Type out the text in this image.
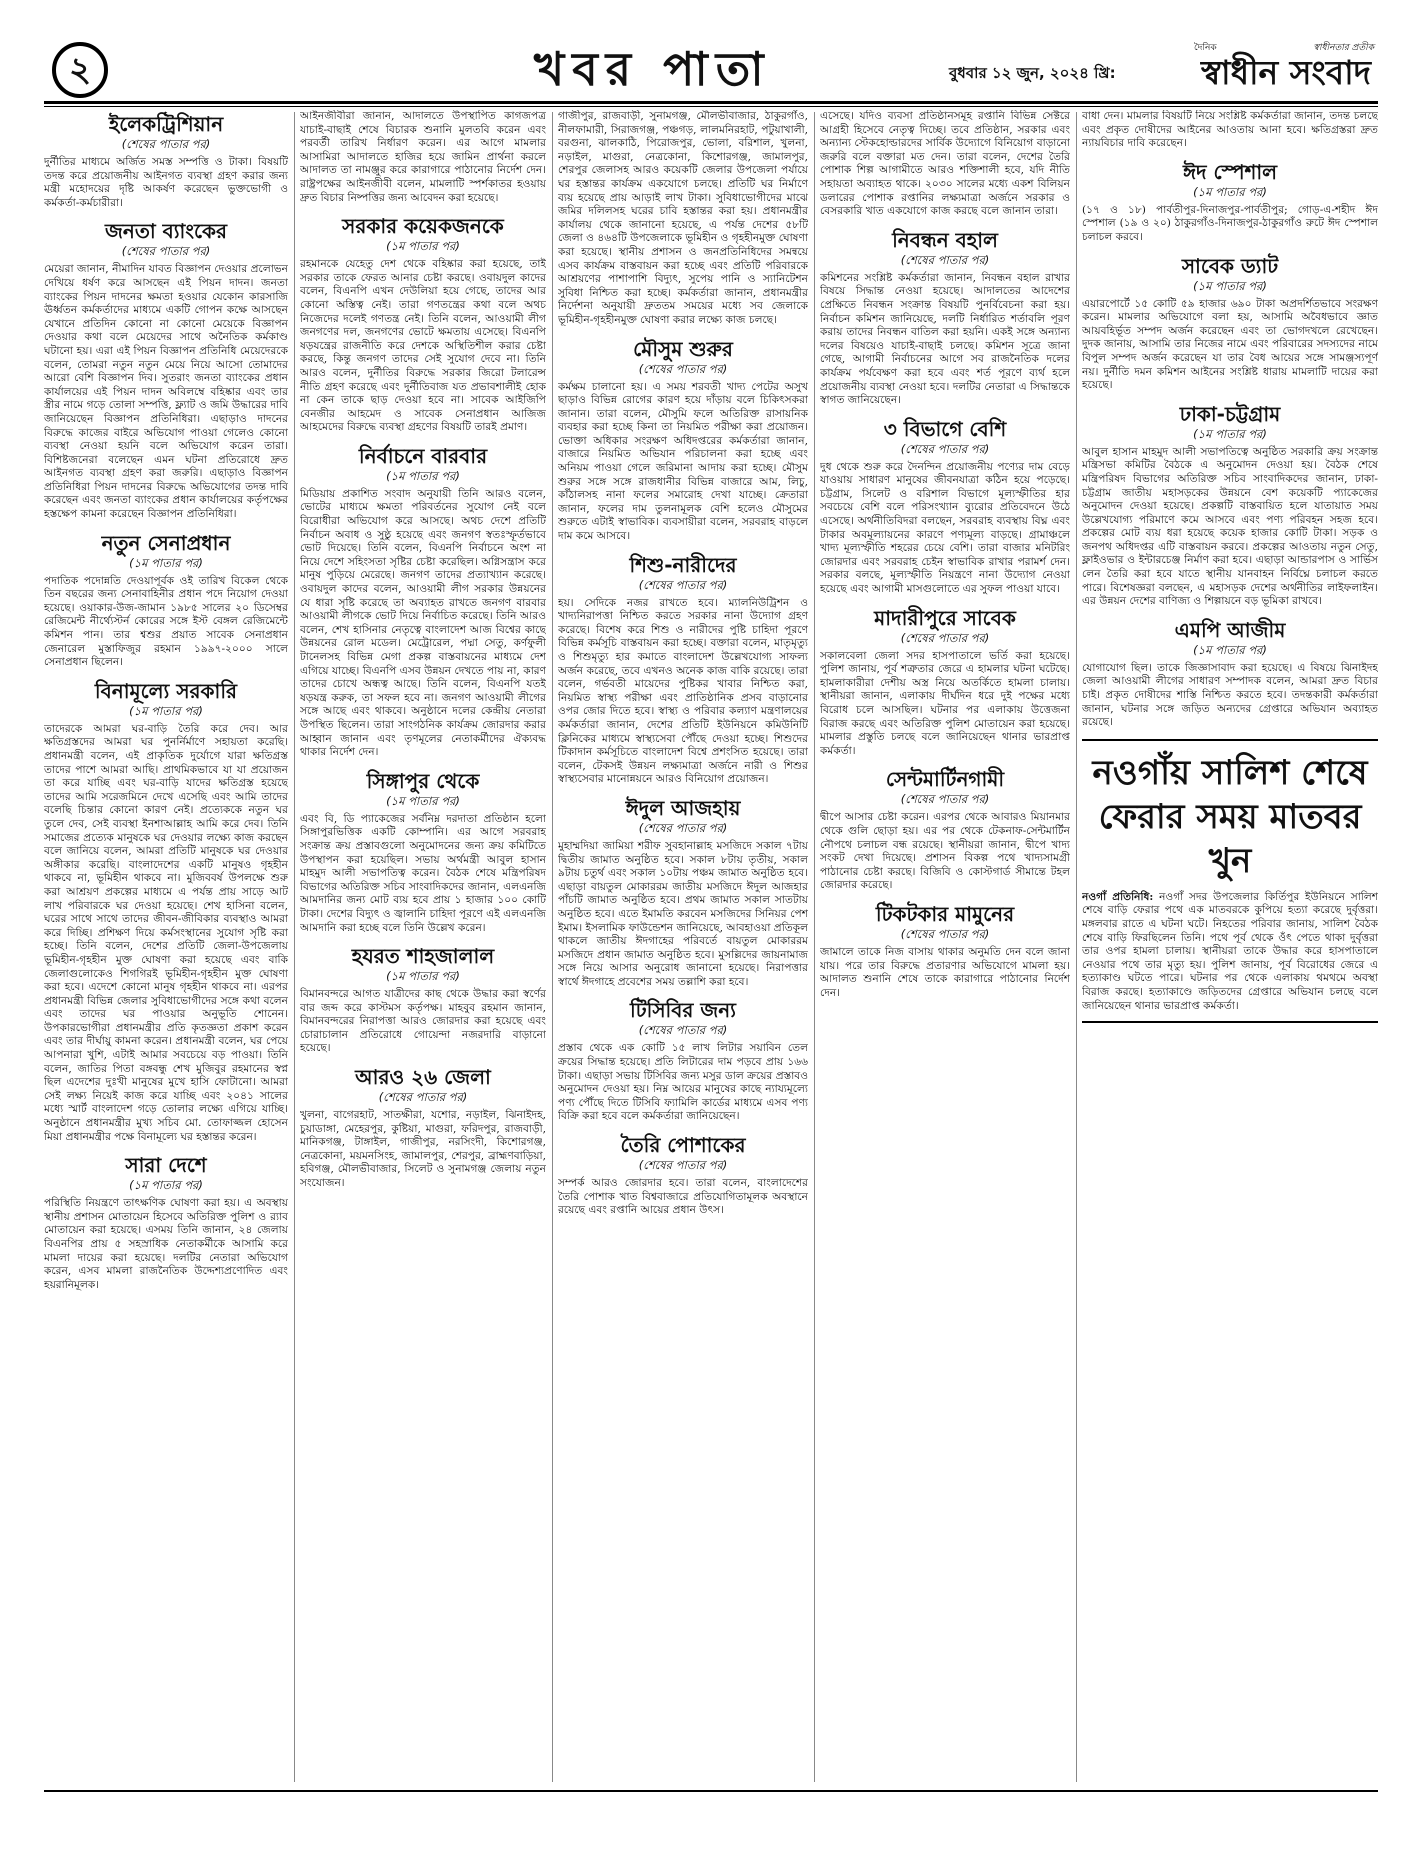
২	খবর পাতা	বুধবার ১২ জুন, ২০২৪ খ্রি:
দৈনিক	স্বাধীনতার প্রতীক
স্বাধীন সংবাদ
ইলেকট্রিশিয়ান
(শেষের পাতার পর)
দুর্নীতির মাধ্যমে অর্জিত সমস্ত সম্পত্তি ও টাকা। বিষয়টি তদন্ত করে প্রয়োজনীয় আইনগত ব্যবস্থা গ্রহণ করার জন্য মন্ত্রী মহোদয়ের দৃষ্টি আকর্ষণ করেছেন ভুক্তভোগী ও কর্মকর্তা-কর্মচারীরা।
জনতা ব্যাংকের
(শেষের পাতার পর)
মেয়েরা জানান, নীমাদিন যাবত বিজ্ঞাপন দেওয়ার প্রলোভন দেখিয়ে ধর্ষণ করে আসছেন এই পিয়ন দাদন। জনতা ব্যাংকের পিয়ন দাদনের ক্ষমতা হওয়ার যেকোন কারসাজি ঊর্ধ্বতন কর্মকর্তাদের মাধ্যমে একটি গোপন কক্ষে আসছেন যেখানে প্রতিদিন কোনো না কোনো মেয়েকে বিজ্ঞাপন দেওয়ার কথা বলে মেয়েদের সাথে অনৈতিক কর্মকাণ্ড ঘটানো হয়। এরা এই পিয়ন বিজ্ঞাপন প্রতিনিধি মেয়েদেরকে বলেন, তোমরা নতুন নতুন মেয়ে নিয়ে আসো তোমাদের আরো বেশি বিজ্ঞাপন দিব। সুতরাং জনতা ব্যাংকের প্রধান কার্যালয়ের এই পিয়ন দাদন অবিলম্বে বহিষ্কার এবং তার স্ত্রীর নামে গড়ে তোলা সম্পত্তি, ফ্ল্যাট ও জমি উদ্ধারের দাবি জানিয়েছেন বিজ্ঞাপন প্রতিনিধিরা। এছাড়াও দাদনের বিরুদ্ধে কাজের বাইরে অভিযোগ পাওয়া গেলেও কোনো ব্যবস্থা নেওয়া হয়নি বলে অভিযোগ করেন তারা। বিশিষ্টজনেরা বলেছেন এমন ঘটনা প্রতিরোধে দ্রুত আইনগত ব্যবস্থা গ্রহণ করা জরুরি। এছাড়াও বিজ্ঞাপন প্রতিনিধিরা পিয়ন দাদনের বিরুদ্ধে অভিযোগের তদন্ত দাবি করেছেন এবং জনতা ব্যাংকের প্রধান কার্যালয়ের কর্তৃপক্ষের হস্তক্ষেপ কামনা করেছেন বিজ্ঞাপন প্রতিনিধিরা।
নতুন সেনাপ্রধান
(১ম পাতার পর)
পদাতিক পদোন্নতি দেওয়াপূর্বক ওই তারিখ বিকেল থেকে তিন বছরের জন্য সেনাবাহিনীর প্রধান পদে নিয়োগ দেওয়া হয়েছে। ওয়াকার-উজ-জামান ১৯৮৫ সালের ২০ ডিসেম্বর রেজিমেন্ট নীর্থ্যেস্টর্ন কোরের সঙ্গে ইস্ট বেঙ্গল রেজিমেন্টে কমিশন পান। তার শ্বশুর প্রয়াত সাবেক সেনাপ্রধান জেনারেল মুস্তাফিজুর রহমান ১৯৯৭-২০০০ সালে সেনাপ্রধান ছিলেন।
বিনামূল্যে সরকারি
(১ম পাতার পর)
তাদেরকে আমরা ঘর-বাড়ি তৈরি করে দেব। আর ক্ষতিগ্রস্তদের আমরা ঘর পুনর্নির্মাণে সহায়তা করেছি। প্রধানমন্ত্রী বলেন, এই প্রাকৃতিক দুর্যোগে যারা ক্ষতিগ্রস্ত তাদের পাশে আমরা আছি। প্রাথমিকভাবে যা যা প্রয়োজন তা করে যাচ্ছি এবং ঘর-বাড়ি যাদের ক্ষতিগ্রস্ত হয়েছে তাদের আমি সরেজমিনে দেখে এসেছি এবং আমি তাদের বলেছি চিন্তার কোনো কারণ নেই। প্রত্যেককে নতুন ঘর তুলে দেব, সেই ব্যবস্থা ইনশাআল্লাহ আমি করে দেব। তিনি সমাজের প্রত্যেক মানুষকে ঘর দেওয়ার লক্ষ্যে কাজ করছেন বলে জানিয়ে বলেন, আমরা প্রতিটি মানুষকে ঘর দেওয়ার অঙ্গীকার করেছি। বাংলাদেশের একটি মানুষও গৃহহীন থাকবে না, ভূমিহীন থাকবে না। মুজিববর্ষ উপলক্ষে শুরু করা আশ্রয়ণ প্রকল্পের মাধ্যমে এ পর্যন্ত প্রায় সাড়ে আট লাখ পরিবারকে ঘর দেওয়া হয়েছে। শেখ হাসিনা বলেন, ঘরের সাথে সাথে তাদের জীবন-জীবিকার ব্যবস্থাও আমরা করে দিচ্ছি। প্রশিক্ষণ দিয়ে কর্মসংস্থানের সুযোগ সৃষ্টি করা হচ্ছে। তিনি বলেন, দেশের প্রতিটি জেলা-উপজেলায় ভূমিহীন-গৃহহীন মুক্ত ঘোষণা করা হয়েছে এবং বাকি জেলাগুলোকেও শিগগিরই ভূমিহীন-গৃহহীন মুক্ত ঘোষণা করা হবে। এদেশে কোনো মানুষ গৃহহীন থাকবে না। এরপর প্রধানমন্ত্রী বিভিন্ন জেলার সুবিধাভোগীদের সঙ্গে কথা বলেন এবং তাদের ঘর পাওয়ার অনুভূতি শোনেন। উপকারভোগীরা প্রধানমন্ত্রীর প্রতি কৃতজ্ঞতা প্রকাশ করেন এবং তার দীর্ঘায়ু কামনা করেন। প্রধানমন্ত্রী বলেন, ঘর পেয়ে আপনারা খুশি, এটাই আমার সবচেয়ে বড় পাওয়া। তিনি বলেন, জাতির পিতা বঙ্গবন্ধু শেখ মুজিবুর রহমানের স্বপ্ন ছিল এদেশের দুঃখী মানুষের মুখে হাসি ফোটানো। আমরা সেই লক্ষ্য নিয়েই কাজ করে যাচ্ছি এবং ২০৪১ সালের মধ্যে স্মার্ট বাংলাদেশ গড়ে তোলার লক্ষ্যে এগিয়ে যাচ্ছি। অনুষ্ঠানে প্রধানমন্ত্রীর মুখ্য সচিব মো. তোফাজ্জল হোসেন মিয়া প্রধানমন্ত্রীর পক্ষে বিনামূল্যে ঘর হস্তান্তর করেন।
সারা দেশে
(১ম পাতার পর)
পরিস্থিতি নিয়ন্ত্রণে তাৎক্ষণিক ঘোষণা করা হয়। এ অবস্থায় স্থানীয় প্রশাসন মোতায়েন হিসেবে অতিরিক্ত পুলিশ ও র‌্যাব মোতায়েন করা হয়েছে। এসময় তিনি জানান, ২৪ জেলায় বিএনপির প্রায় ৫ সহস্রাধিক নেতাকর্মীকে আসামি করে মামলা দায়ের করা হয়েছে। দলটির নেতারা অভিযোগ করেন, এসব মামলা রাজনৈতিক উদ্দেশ্যপ্রণোদিত এবং হয়রানিমূলক।
আইনজীবীরা জানান, আদালতে উপস্থাপিত কাগজপত্র যাচাই-বাছাই শেষে বিচারক শুনানি মুলতবি করেন এবং পরবর্তী তারিখ নির্ধারণ করেন। এর আগে মামলার আসামিরা আদালতে হাজির হয়ে জামিন প্রার্থনা করলে আদালত তা নামঞ্জুর করে কারাগারে পাঠানোর নির্দেশ দেন। রাষ্ট্রপক্ষের আইনজীবী বলেন, মামলাটি স্পর্শকাতর হওয়ায় দ্রুত বিচার নিষ্পত্তির জন্য আবেদন করা হয়েছে।
সরকার কয়েকজনকে
(১ম পাতার পর)
রহমানকে যেহেতু দেশ থেকে বহিষ্কার করা হয়েছে, তাই সরকার তাকে ফেরত আনার চেষ্টা করছে। ওবায়দুল কাদের বলেন, বিএনপি এখন দেউলিয়া হয়ে গেছে, তাদের আর কোনো অস্তিত্ব নেই। তারা গণতন্ত্রের কথা বলে অথচ নিজেদের দলেই গণতন্ত্র নেই। তিনি বলেন, আওয়ামী লীগ জনগণের দল, জনগণের ভোটে ক্ষমতায় এসেছে। বিএনপি ষড়যন্ত্রের রাজনীতি করে দেশকে অস্থিতিশীল করার চেষ্টা করছে, কিন্তু জনগণ তাদের সেই সুযোগ দেবে না। তিনি আরও বলেন, দুর্নীতির বিরুদ্ধে সরকার জিরো টলারেন্স নীতি গ্রহণ করেছে এবং দুর্নীতিবাজ যত প্রভাবশালীই হোক না কেন তাকে ছাড় দেওয়া হবে না। সাবেক আইজিপি বেনজীর আহমেদ ও সাবেক সেনাপ্রধান আজিজ আহমেদের বিরুদ্ধে ব্যবস্থা গ্রহণের বিষয়টি তারই প্রমাণ।
নির্বাচনে বারবার
(১ম পাতার পর)
মিডিয়ায় প্রকাশিত সংবাদ অনুযায়ী তিনি আরও বলেন, ভোটের মাধ্যমে ক্ষমতা পরিবর্তনের সুযোগ নেই বলে বিরোধীরা অভিযোগ করে আসছে। অথচ দেশে প্রতিটি নির্বাচন অবাধ ও সুষ্ঠু হয়েছে এবং জনগণ স্বতঃস্ফূর্তভাবে ভোট দিয়েছে। তিনি বলেন, বিএনপি নির্বাচনে অংশ না নিয়ে দেশে সহিংসতা সৃষ্টির চেষ্টা করেছিল। অগ্নিসন্ত্রাস করে মানুষ পুড়িয়ে মেরেছে। জনগণ তাদের প্রত্যাখ্যান করেছে। ওবায়দুল কাদের বলেন, আওয়ামী লীগ সরকার উন্নয়নের যে ধারা সৃষ্টি করেছে তা অব্যাহত রাখতে জনগণ বারবার আওয়ামী লীগকে ভোট দিয়ে নির্বাচিত করেছে। তিনি আরও বলেন, শেখ হাসিনার নেতৃত্বে বাংলাদেশ আজ বিশ্বের কাছে উন্নয়নের রোল মডেল। মেট্রোরেল, পদ্মা সেতু, কর্ণফুলী টানেলসহ বিভিন্ন মেগা প্রকল্প বাস্তবায়নের মাধ্যমে দেশ এগিয়ে যাচ্ছে। বিএনপি এসব উন্নয়ন দেখতে পায় না, কারণ তাদের চোখে অন্ধত্ব আছে। তিনি বলেন, বিএনপি যতই ষড়যন্ত্র করুক, তা সফল হবে না। জনগণ আওয়ামী লীগের সঙ্গে আছে এবং থাকবে। অনুষ্ঠানে দলের কেন্দ্রীয় নেতারা উপস্থিত ছিলেন। তারা সাংগঠনিক কার্যক্রম জোরদার করার আহ্বান জানান এবং তৃণমূলের নেতাকর্মীদের ঐক্যবদ্ধ থাকার নির্দেশ দেন।
সিঙ্গাপুর থেকে
(১ম পাতার পর)
এবং বি, ডি প্যাকেজের সর্বনিম্ন দরদাতা প্রতিষ্ঠান হলো সিঙ্গাপুরভিত্তিক একটি কোম্পানি। এর আগে সরবরাহ সংক্রান্ত ক্রয় প্রস্তাবগুলো অনুমোদনের জন্য ক্রয় কমিটিতে উপস্থাপন করা হয়েছিল। সভায় অর্থমন্ত্রী আবুল হাসান মাহমুদ আলী সভাপতিত্ব করেন। বৈঠক শেষে মন্ত্রিপরিষদ বিভাগের অতিরিক্ত সচিব সাংবাদিকদের জানান, এলএনজি আমদানির জন্য মোট ব্যয় হবে প্রায় ১ হাজার ১০০ কোটি টাকা। দেশের বিদ্যুৎ ও জ্বালানি চাহিদা পূরণে এই এলএনজি আমদানি করা হচ্ছে বলে তিনি উল্লেখ করেন।
হযরত শাহজালাল
(১ম পাতার পর)
বিমানবন্দরে আগত যাত্রীদের কাছ থেকে উদ্ধার করা স্বর্ণের বার জব্দ করে কাস্টমস কর্তৃপক্ষ। মাহবুব রহমান জানান, বিমানবন্দরের নিরাপত্তা আরও জোরদার করা হয়েছে এবং চোরাচালান প্রতিরোধে গোয়েন্দা নজরদারি বাড়ানো হয়েছে।
আরও ২৬ জেলা
(শেষের পাতার পর)
খুলনা, বাগেরহাট, সাতক্ষীরা, যশোর, নড়াইল, ঝিনাইদহ, চুয়াডাঙ্গা, মেহেরপুর, কুষ্টিয়া, মাগুরা, ফরিদপুর, রাজবাড়ী, মানিকগঞ্জ, টাঙ্গাইল, গাজীপুর, নরসিংদী, কিশোরগঞ্জ, নেত্রকোনা, ময়মনসিংহ, জামালপুর, শেরপুর, ব্রাহ্মণবাড়িয়া, হবিগঞ্জ, মৌলভীবাজার, সিলেট ও সুনামগঞ্জ জেলায় নতুন সংযোজন।
গাজীপুর, রাজবাড়ী, সুনামগঞ্জ, মৌলভীবাজার, ঠাকুরগাঁও, নীলফামারী, সিরাজগঞ্জ, পঞ্চগড়, লালমনিরহাট, পটুয়াখালী, বরগুনা, ঝালকাঠি, পিরোজপুর, ভোলা, বরিশাল, খুলনা, নড়াইল, মাগুরা, নেত্রকোনা, কিশোরগঞ্জ, জামালপুর, শেরপুর জেলাসহ আরও কয়েকটি জেলার উপজেলা পর্যায়ে ঘর হস্তান্তর কার্যক্রম একযোগে চলছে। প্রতিটি ঘর নির্মাণে ব্যয় হয়েছে প্রায় আড়াই লাখ টাকা। সুবিধাভোগীদের মাঝে জমির দলিলসহ ঘরের চাবি হস্তান্তর করা হয়। প্রধানমন্ত্রীর কার্যালয় থেকে জানানো হয়েছে, এ পর্যন্ত দেশের ৫৮টি জেলা ও ৪৬৪টি উপজেলাকে ভূমিহীন ও গৃহহীনমুক্ত ঘোষণা করা হয়েছে। স্থানীয় প্রশাসন ও জনপ্রতিনিধিদের সমন্বয়ে এসব কার্যক্রম বাস্তবায়ন করা হচ্ছে এবং প্রতিটি পরিবারকে আশ্রয়ণের পাশাপাশি বিদ্যুৎ, সুপেয় পানি ও স্যানিটেশন সুবিধা নিশ্চিত করা হচ্ছে। কর্মকর্তারা জানান, প্রধানমন্ত্রীর নির্দেশনা অনুযায়ী দ্রুততম সময়ের মধ্যে সব জেলাকে ভূমিহীন-গৃহহীনমুক্ত ঘোষণা করার লক্ষ্যে কাজ চলছে।
মৌসুম শুরুর
(শেষের পাতার পর)
কর্মক্ষম চালানো হয়। এ সময় শরবতী খাদ্য পেটের অসুখ ছাড়াও বিভিন্ন রোগের কারণ হয়ে দাঁড়ায় বলে চিকিৎসকরা জানান। তারা বলেন, মৌসুমি ফলে অতিরিক্ত রাসায়নিক ব্যবহার করা হচ্ছে কিনা তা নিয়মিত পরীক্ষা করা প্রয়োজন। ভোক্তা অধিকার সংরক্ষণ অধিদপ্তরের কর্মকর্তারা জানান, বাজারে নিয়মিত অভিযান পরিচালনা করা হচ্ছে এবং অনিয়ম পাওয়া গেলে জরিমানা আদায় করা হচ্ছে। মৌসুম শুরুর সঙ্গে সঙ্গে রাজধানীর বিভিন্ন বাজারে আম, লিচু, কাঁঠালসহ নানা ফলের সমারোহ দেখা যাচ্ছে। ক্রেতারা জানান, ফলের দাম তুলনামূলক বেশি হলেও মৌসুমের শুরুতে এটাই স্বাভাবিক। ব্যবসায়ীরা বলেন, সরবরাহ বাড়লে দাম কমে আসবে।
শিশু-নারীদের
(শেষের পাতার পর)
হয়। সেদিকে নজর রাখতে হবে। ম্যালনিউট্রিশন ও খাদ্যনিরাপত্তা নিশ্চিত করতে সরকার নানা উদ্যোগ গ্রহণ করেছে। বিশেষ করে শিশু ও নারীদের পুষ্টি চাহিদা পূরণে বিভিন্ন কর্মসূচি বাস্তবায়ন করা হচ্ছে। বক্তারা বলেন, মাতৃমৃত্যু ও শিশুমৃত্যু হার কমাতে বাংলাদেশ উল্লেখযোগ্য সাফল্য অর্জন করেছে, তবে এখনও অনেক কাজ বাকি রয়েছে। তারা বলেন, গর্ভবতী মায়েদের পুষ্টিকর খাবার নিশ্চিত করা, নিয়মিত স্বাস্থ্য পরীক্ষা এবং প্রাতিষ্ঠানিক প্রসব বাড়ানোর ওপর জোর দিতে হবে। স্বাস্থ্য ও পরিবার কল্যাণ মন্ত্রণালয়ের কর্মকর্তারা জানান, দেশের প্রতিটি ইউনিয়নে কমিউনিটি ক্লিনিকের মাধ্যমে স্বাস্থ্যসেবা পৌঁছে দেওয়া হচ্ছে। শিশুদের টিকাদান কর্মসূচিতে বাংলাদেশ বিশ্বে প্রশংসিত হয়েছে। তারা বলেন, টেকসই উন্নয়ন লক্ষ্যমাত্রা অর্জনে নারী ও শিশুর স্বাস্থ্যসেবার মানোন্নয়নে আরও বিনিয়োগ প্রয়োজন।
ঈদুল আজহায়
(শেষের পাতার পর)
মুহাম্মদিয়া জামিয়া শরীফ সুবহানাল্লাহ মসজিদে সকাল ৭টায় দ্বিতীয় জামাত অনুষ্ঠিত হবে। সকাল ৮টায় তৃতীয়, সকাল ৯টায় চতুর্থ এবং সকাল ১০টায় পঞ্চম জামাত অনুষ্ঠিত হবে। এছাড়া বায়তুল মোকাররম জাতীয় মসজিদে ঈদুল আজহার পাঁচটি জামাত অনুষ্ঠিত হবে। প্রথম জামাত সকাল সাতটায় অনুষ্ঠিত হবে। এতে ইমামতি করবেন মসজিদের সিনিয়র পেশ ইমাম। ইসলামিক ফাউন্ডেশন জানিয়েছে, আবহাওয়া প্রতিকূল থাকলে জাতীয় ঈদগাহের পরিবর্তে বায়তুল মোকাররম মসজিদে প্রধান জামাত অনুষ্ঠিত হবে। মুসল্লিদের জায়নামাজ সঙ্গে নিয়ে আসার অনুরোধ জানানো হয়েছে। নিরাপত্তার স্বার্থে ঈদগাহে প্রবেশের সময় তল্লাশি করা হবে।
টিসিবির জন্য
(শেষের পাতার পর)
প্রস্তাব থেকে এক কোটি ১৫ লাখ লিটার সয়াবিন তেল ক্রয়ের সিদ্ধান্ত হয়েছে। প্রতি লিটারের দাম পড়বে প্রায় ১৬৬ টাকা। এছাড়া সভায় টিসিবির জন্য মসুর ডাল ক্রয়ের প্রস্তাবও অনুমোদন দেওয়া হয়। নিম্ন আয়ের মানুষের কাছে ন্যায্যমূল্যে পণ্য পৌঁছে দিতে টিসিবি ফ্যামিলি কার্ডের মাধ্যমে এসব পণ্য বিক্রি করা হবে বলে কর্মকর্তারা জানিয়েছেন।
তৈরি পোশাকের
(শেষের পাতার পর)
সম্পর্ক আরও জোরদার হবে। তারা বলেন, বাংলাদেশের তৈরি পোশাক খাত বিশ্ববাজারে প্রতিযোগিতামূলক অবস্থানে রয়েছে এবং রপ্তানি আয়ের প্রধান উৎস।
এসেছে। যদিও ব্যবসা প্রতিষ্ঠানসমূহ রপ্তানি বিভিন্ন সেক্টরে আগ্রহী হিসেবে নেতৃত্ব দিচ্ছে। তবে প্রতিষ্ঠান, সরকার এবং অন্যান্য স্টেকহোল্ডারদের সার্বিক উদ্যোগে বিনিয়োগ বাড়ানো জরুরি বলে বক্তারা মত দেন। তারা বলেন, দেশের তৈরি পোশাক শিল্প আগামীতে আরও শক্তিশালী হবে, যদি নীতি সহায়তা অব্যাহত থাকে। ২০৩০ সালের মধ্যে একশ বিলিয়ন ডলারের পোশাক রপ্তানির লক্ষ্যমাত্রা অর্জনে সরকার ও বেসরকারি খাত একযোগে কাজ করছে বলে জানান তারা।
নিবন্ধন বহাল
(শেষের পাতার পর)
কমিশনের সংশ্লিষ্ট কর্মকর্তারা জানান, নিবন্ধন বহাল রাখার বিষয়ে সিদ্ধান্ত নেওয়া হয়েছে। আদালতের আদেশের প্রেক্ষিতে নিবন্ধন সংক্রান্ত বিষয়টি পুনর্বিবেচনা করা হয়। নির্বাচন কমিশন জানিয়েছে, দলটি নির্ধারিত শর্তাবলি পূরণ করায় তাদের নিবন্ধন বাতিল করা হয়নি। একই সঙ্গে অন্যান্য দলের বিষয়েও যাচাই-বাছাই চলছে। কমিশন সূত্রে জানা গেছে, আগামী নির্বাচনের আগে সব রাজনৈতিক দলের কার্যক্রম পর্যবেক্ষণ করা হবে এবং শর্ত পূরণে ব্যর্থ হলে প্রয়োজনীয় ব্যবস্থা নেওয়া হবে। দলটির নেতারা এ সিদ্ধান্তকে স্বাগত জানিয়েছেন।
৩ বিভাগে বেশি
(শেষের পাতার পর)
দুধ থেকে শুরু করে দৈনন্দিন প্রয়োজনীয় পণ্যের দাম বেড়ে যাওয়ায় সাধারণ মানুষের জীবনযাত্রা কঠিন হয়ে পড়েছে। চট্টগ্রাম, সিলেট ও বরিশাল বিভাগে মূল্যস্ফীতির হার সবচেয়ে বেশি বলে পরিসংখ্যান ব্যুরোর প্রতিবেদনে উঠে এসেছে। অর্থনীতিবিদরা বলছেন, সরবরাহ ব্যবস্থায় বিঘ্ন এবং টাকার অবমূল্যায়নের কারণে পণ্যমূল্য বাড়ছে। গ্রামাঞ্চলে খাদ্য মূল্যস্ফীতি শহরের চেয়ে বেশি। তারা বাজার মনিটরিং জোরদার এবং সরবরাহ চেইন স্বাভাবিক রাখার পরামর্শ দেন। সরকার বলছে, মূল্যস্ফীতি নিয়ন্ত্রণে নানা উদ্যোগ নেওয়া হয়েছে এবং আগামী মাসগুলোতে এর সুফল পাওয়া যাবে।
মাদারীপুরে সাবেক
(শেষের পাতার পর)
সকালবেলা জেলা সদর হাসপাতালে ভর্তি করা হয়েছে। পুলিশ জানায়, পূর্ব শত্রুতার জেরে এ হামলার ঘটনা ঘটেছে। হামলাকারীরা দেশীয় অস্ত্র নিয়ে অতর্কিতে হামলা চালায়। স্থানীয়রা জানান, এলাকায় দীর্ঘদিন ধরে দুই পক্ষের মধ্যে বিরোধ চলে আসছিল। ঘটনার পর এলাকায় উত্তেজনা বিরাজ করছে এবং অতিরিক্ত পুলিশ মোতায়েন করা হয়েছে। মামলার প্রস্তুতি চলছে বলে জানিয়েছেন থানার ভারপ্রাপ্ত কর্মকর্তা।
সেন্টমার্টিনগামী
(শেষের পাতার পর)
দ্বীপে আসার চেষ্টা করেন। এরপর থেকে আবারও মিয়ানমার থেকে গুলি ছোড়া হয়। এর পর থেকে টেকনাফ-সেন্টমার্টিন নৌপথে চলাচল বন্ধ রয়েছে। স্থানীয়রা জানান, দ্বীপে খাদ্য সংকট দেখা দিয়েছে। প্রশাসন বিকল্প পথে খাদ্যসামগ্রী পাঠানোর চেষ্টা করছে। বিজিবি ও কোস্টগার্ড সীমান্তে টহল জোরদার করেছে।
টিকটকার মামুনের
(শেষের পাতার পর)
জামালে তাকে নিজ বাসায় থাকার অনুমতি দেন বলে জানা যায়। পরে তার বিরুদ্ধে প্রতারণার অভিযোগে মামলা হয়। আদালত শুনানি শেষে তাকে কারাগারে পাঠানোর নির্দেশ দেন।
বাধা দেন। মামলার বিষয়টি নিয়ে সংশ্লিষ্ট কর্মকর্তারা জানান, তদন্ত চলছে এবং প্রকৃত দোষীদের আইনের আওতায় আনা হবে। ক্ষতিগ্রস্তরা দ্রুত ন্যায়বিচার দাবি করেছেন।
ঈদ স্পেশাল
(১ম পাতার পর)
(১৭ ও ১৮) পার্বতীপুর-দিনাজপুর-পার্বতীপুর; গোড়-এ-শহীদ ঈদ স্পেশাল (১৯ ও ২০) ঠাকুরগাঁও-দিনাজপুর-ঠাকুরগাঁও রুটে ঈদ স্পেশাল চলাচল করবে।
সাবেক ড্যাট
(১ম পাতার পর)
এয়ারপোর্টে ১৫ কোটি ৫৯ হাজার ৬৯০ টাকা অপ্রদর্শিতভাবে সংরক্ষণ করেন। মামলার অভিযোগে বলা হয়, আসামি অবৈধভাবে জ্ঞাত আয়বহির্ভূত সম্পদ অর্জন করেছেন এবং তা ভোগদখলে রেখেছেন। দুদক জানায়, আসামি তার নিজের নামে এবং পরিবারের সদস্যদের নামে বিপুল সম্পদ অর্জন করেছেন যা তার বৈধ আয়ের সঙ্গে সামঞ্জস্যপূর্ণ নয়। দুর্নীতি দমন কমিশন আইনের সংশ্লিষ্ট ধারায় মামলাটি দায়ের করা হয়েছে।
ঢাকা-চট্টগ্রাম
(১ম পাতার পর)
আবুল হাসান মাহমুদ আলী সভাপতিত্বে অনুষ্ঠিত সরকারি ক্রয় সংক্রান্ত মন্ত্রিসভা কমিটির বৈঠকে এ অনুমোদন দেওয়া হয়। বৈঠক শেষে মন্ত্রিপরিষদ বিভাগের অতিরিক্ত সচিব সাংবাদিকদের জানান, ঢাকা-চট্টগ্রাম জাতীয় মহাসড়কের উন্নয়নে বেশ কয়েকটি প্যাকেজের অনুমোদন দেওয়া হয়েছে। প্রকল্পটি বাস্তবায়িত হলে যাতায়াত সময় উল্লেখযোগ্য পরিমাণে কমে আসবে এবং পণ্য পরিবহন সহজ হবে। প্রকল্পের মোট ব্যয় ধরা হয়েছে কয়েক হাজার কোটি টাকা। সড়ক ও জনপথ অধিদপ্তর এটি বাস্তবায়ন করবে। প্রকল্পের আওতায় নতুন সেতু, ফ্লাইওভার ও ইন্টারচেঞ্জ নির্মাণ করা হবে। এছাড়া আন্ডারপাস ও সার্ভিস লেন তৈরি করা হবে যাতে স্থানীয় যানবাহন নির্বিঘ্নে চলাচল করতে পারে। বিশেষজ্ঞরা বলছেন, এ মহাসড়ক দেশের অর্থনীতির লাইফলাইন। এর উন্নয়ন দেশের বাণিজ্য ও শিল্পায়নে বড় ভূমিকা রাখবে।
এমপি আজীম
(১ম পাতার পর)
যোগাযোগ ছিল। তাকে জিজ্ঞাসাবাদ করা হয়েছে। এ বিষয়ে ঝিনাইদহ জেলা আওয়ামী লীগের সাধারণ সম্পাদক বলেন, আমরা দ্রুত বিচার চাই। প্রকৃত দোষীদের শাস্তি নিশ্চিত করতে হবে। তদন্তকারী কর্মকর্তারা জানান, ঘটনার সঙ্গে জড়িত অন্যদের গ্রেপ্তারে অভিযান অব্যাহত রয়েছে।
নওগাঁয় সালিশ শেষে ফেরার সময় মাতবর খুন
নওগাঁ প্রতিনিধি: নওগাঁ সদর উপজেলার কির্তিপুর ইউনিয়নে সালিশ শেষে বাড়ি ফেরার পথে এক মাতবরকে কুপিয়ে হত্যা করেছে দুর্বৃত্তরা। মঙ্গলবার রাতে এ ঘটনা ঘটে। নিহতের পরিবার জানায়, সালিশ বৈঠক শেষে বাড়ি ফিরছিলেন তিনি। পথে পূর্ব থেকে ওঁৎ পেতে থাকা দুর্বৃত্তরা তার ওপর হামলা চালায়। স্থানীয়রা তাকে উদ্ধার করে হাসপাতালে নেওয়ার পথে তার মৃত্যু হয়। পুলিশ জানায়, পূর্ব বিরোধের জেরে এ হত্যাকাণ্ড ঘটতে পারে। ঘটনার পর থেকে এলাকায় থমথমে অবস্থা বিরাজ করছে। হত্যাকাণ্ডে জড়িতদের গ্রেপ্তারে অভিযান চলছে বলে জানিয়েছেন থানার ভারপ্রাপ্ত কর্মকর্তা।
